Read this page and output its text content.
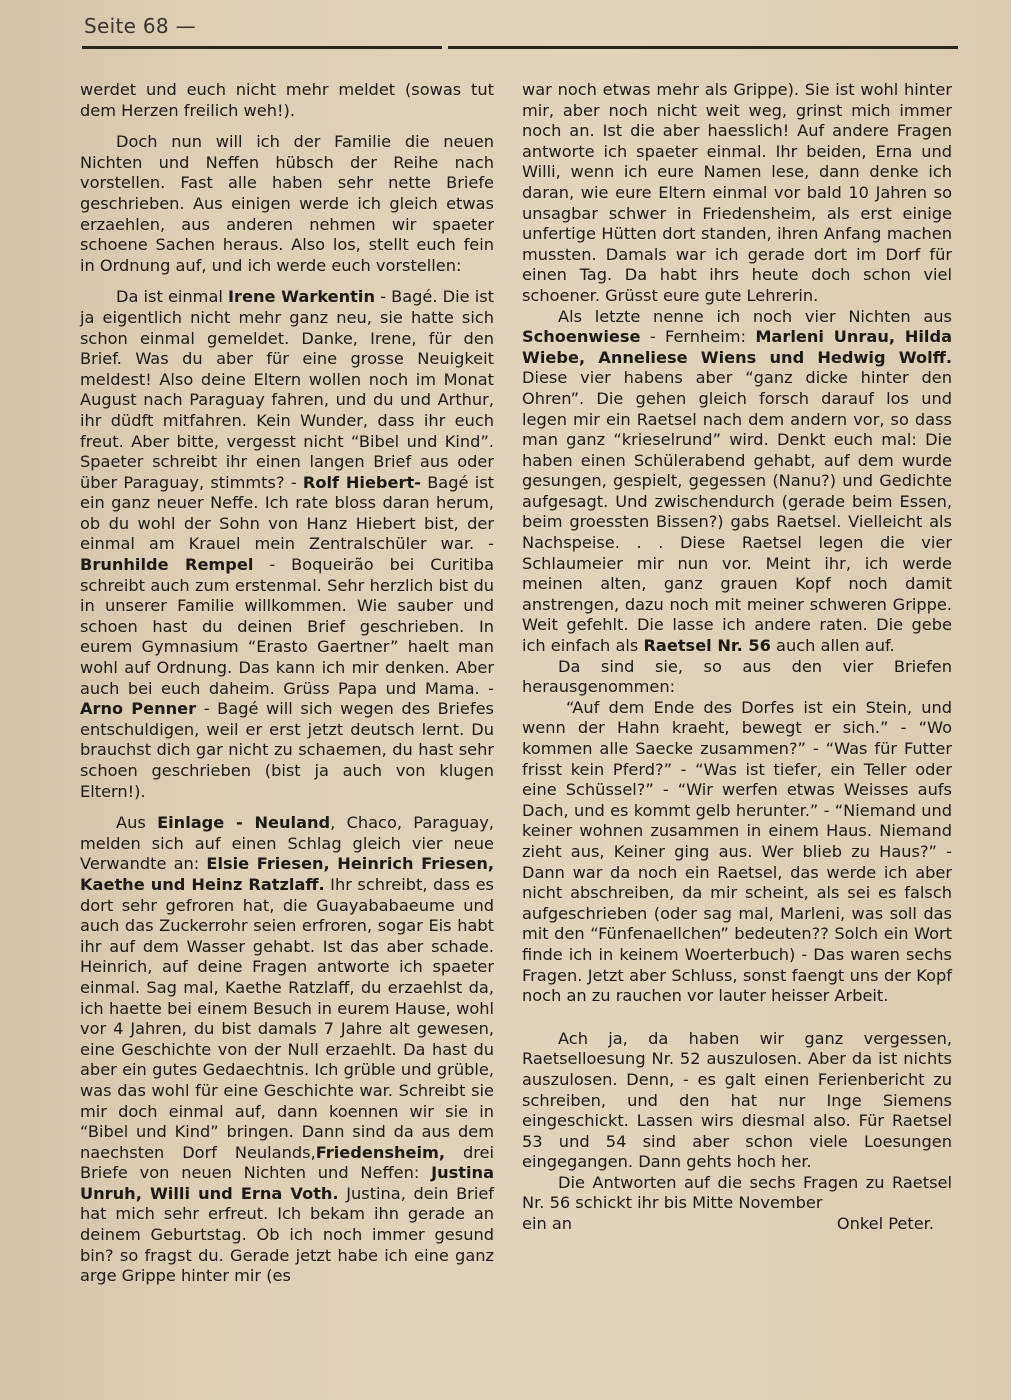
Seite 68 —

werdet und euch nicht mehr meldet (sowas tut dem Herzen freilich weh!).

Doch nun will ich der Familie die neuen Nichten und Neffen hübsch der Reihe nach vorstellen. Fast alle haben sehr nette Briefe geschrieben. Aus einigen werde ich gleich etwas erzaehlen, aus anderen nehmen wir spaeter schoene Sachen heraus. Also los, stellt euch fein in Ordnung auf, und ich werde euch vorstellen:

Da ist einmal Irene Warkentin - Bagé. Die ist ja eigentlich nicht mehr ganz neu, sie hatte sich schon einmal gemeldet. Danke, Irene, für den Brief. Was du aber für eine grosse Neuigkeit meldest! Also deine Eltern wollen noch im Monat August nach Paraguay fahren, und du und Arthur, ihr düdft mitfahren. Kein Wunder, dass ihr euch freut. Aber bitte, vergesst nicht “Bibel und Kind”. Spaeter schreibt ihr einen langen Brief aus oder über Paraguay, stimmts? - Rolf Hiebert- Bagé ist ein ganz neuer Neffe. Ich rate bloss daran herum, ob du wohl der Sohn von Hanz Hiebert bist, der einmal am Krauel mein Zentralschüler war. - Brunhilde Rempel - Boqueirão bei Curitiba schreibt auch zum erstenmal. Sehr herzlich bist du in unserer Familie willkommen. Wie sauber und schoen hast du deinen Brief geschrieben. In eurem Gymnasium “Erasto Gaertner” haelt man wohl auf Ordnung. Das kann ich mir denken. Aber auch bei euch daheim. Grüss Papa und Mama. - Arno Penner - Bagé will sich wegen des Briefes entschuldigen, weil er erst jetzt deutsch lernt. Du brauchst dich gar nicht zu schaemen, du hast sehr schoen geschrieben (bist ja auch von klugen Eltern!).

Aus Einlage - Neuland, Chaco, Paraguay, melden sich auf einen Schlag gleich vier neue Verwandte an: Elsie Friesen, Heinrich Friesen, Kaethe und Heinz Ratzlaff. Ihr schreibt, dass es dort sehr gefroren hat, die Guayababaeume und auch das Zuckerrohr seien erfroren, sogar Eis habt ihr auf dem Wasser gehabt. Ist das aber schade. Heinrich, auf deine Fragen antworte ich spaeter einmal. Sag mal, Kaethe Ratzlaff, du erzaehlst da, ich haette bei einem Besuch in eurem Hause, wohl vor 4 Jahren, du bist damals 7 Jahre alt gewesen, eine Geschichte von der Null erzaehlt. Da hast du aber ein gutes Gedaechtnis. Ich grüble und grüble, was das wohl für eine Geschichte war. Schreibt sie mir doch einmal auf, dann koennen wir sie in “Bibel und Kind” bringen. Dann sind da aus dem naechsten Dorf Neulands,Friedensheim, drei Briefe von neuen Nichten und Neffen: Justina Unruh, Willi und Erna Voth. Justina, dein Brief hat mich sehr erfreut. Ich bekam ihn gerade an deinem Geburtstag. Ob ich noch immer gesund bin? so fragst du. Gerade jetzt habe ich eine ganz arge Grippe hinter mir (es

war noch etwas mehr als Grippe). Sie ist wohl hinter mir, aber noch nicht weit weg, grinst mich immer noch an. Ist die aber haesslich! Auf andere Fragen antworte ich spaeter einmal. Ihr beiden, Erna und Willi, wenn ich eure Namen lese, dann denke ich daran, wie eure Eltern einmal vor bald 10 Jahren so unsagbar schwer in Friedensheim, als erst einige unfertige Hütten dort standen, ihren Anfang machen mussten. Damals war ich gerade dort im Dorf für einen Tag. Da habt ihrs heute doch schon viel schoener. Grüsst eure gute Lehrerin.

Als letzte nenne ich noch vier Nichten aus Schoenwiese - Fernheim: Marleni Unrau, Hilda Wiebe, Anneliese Wiens und Hedwig Wolff. Diese vier habens aber “ganz dicke hinter den Ohren”. Die gehen gleich forsch darauf los und legen mir ein Raetsel nach dem andern vor, so dass man ganz “krieselrund” wird. Denkt euch mal: Die haben einen Schülerabend gehabt, auf dem wurde gesungen, gespielt, gegessen (Nanu?) und Gedichte aufgesagt. Und zwischendurch (gerade beim Essen, beim groessten Bissen?) gabs Raetsel. Vielleicht als Nachspeise. . . Diese Raetsel legen die vier Schlaumeier mir nun vor. Meint ihr, ich werde meinen alten, ganz grauen Kopf noch damit anstrengen, dazu noch mit meiner schweren Grippe. Weit gefehlt. Die lasse ich andere raten. Die gebe ich einfach als Raetsel Nr. 56 auch allen auf.

Da sind sie, so aus den vier Briefen herausgenommen:

“Auf dem Ende des Dorfes ist ein Stein, und wenn der Hahn kraeht, bewegt er sich.” - “Wo kommen alle Saecke zusammen?” - “Was für Futter frisst kein Pferd?” - “Was ist tiefer, ein Teller oder eine Schüssel?” - “Wir werfen etwas Weisses aufs Dach, und es kommt gelb herunter.” - “Niemand und keiner wohnen zusammen in einem Haus. Niemand zieht aus, Keiner ging aus. Wer blieb zu Haus?” - Dann war da noch ein Raetsel, das werde ich aber nicht abschreiben, da mir scheint, als sei es falsch aufgeschrieben (oder sag mal, Marleni, was soll das mit den “Fünfenaellchen” bedeuten?? Solch ein Wort finde ich in keinem Woerterbuch) - Das waren sechs Fragen. Jetzt aber Schluss, sonst faengt uns der Kopf noch an zu rauchen vor lauter heisser Arbeit.

Ach ja, da haben wir ganz vergessen, Raetselloesung Nr. 52 auszulosen. Aber da ist nichts auszulosen. Denn, - es galt einen Ferienbericht zu schreiben, und den hat nur Inge Siemens eingeschickt. Lassen wirs diesmal also. Für Raetsel 53 und 54 sind aber schon viele Loesungen eingegangen. Dann gehts hoch her.

Die Antworten auf die sechs Fragen zu Raetsel Nr. 56 schickt ihr bis Mitte November

ein an	Onkel Peter.
